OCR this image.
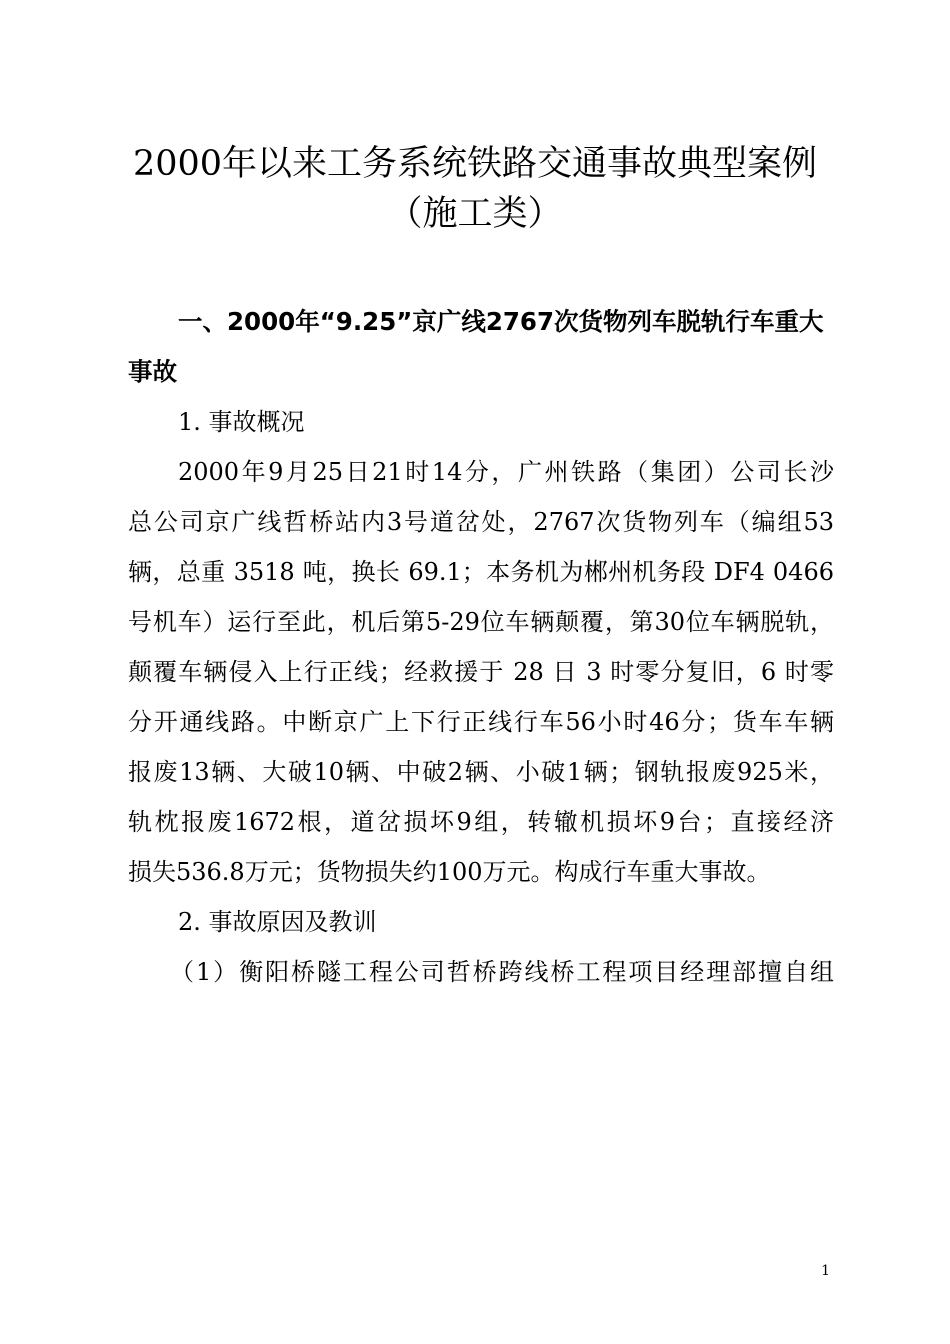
2000年以来工务系统铁路交通事故典型案例
（施工类）
一、2000年“9.25”京广线2767次货物列车脱轨行车重大
事故
1. 事故概况
2000年9月25日21时14分，广州铁路（集团）公司长沙
总公司京广线哲桥站内3号道岔处，2767次货物列车（编组53
辆，总重 3518 吨，换长 69.1；本务机为郴州机务段 DF4 0466
号机车）运行至此，机后第5-29位车辆颠覆，第30位车辆脱轨，
颠覆车辆侵入上行正线；经救援于 28 日 3 时零分复旧，6 时零
分开通线路。中断京广上下行正线行车56小时46分；货车车辆
报废13辆、大破10辆、中破2辆、小破1辆；钢轨报废925米，
轨枕报废1672根，道岔损坏9组，转辙机损坏9台；直接经济
损失536.8万元；货物损失约100万元。构成行车重大事故。
2. 事故原因及教训
（1）衡阳桥隧工程公司哲桥跨线桥工程项目经理部擅自组
1
